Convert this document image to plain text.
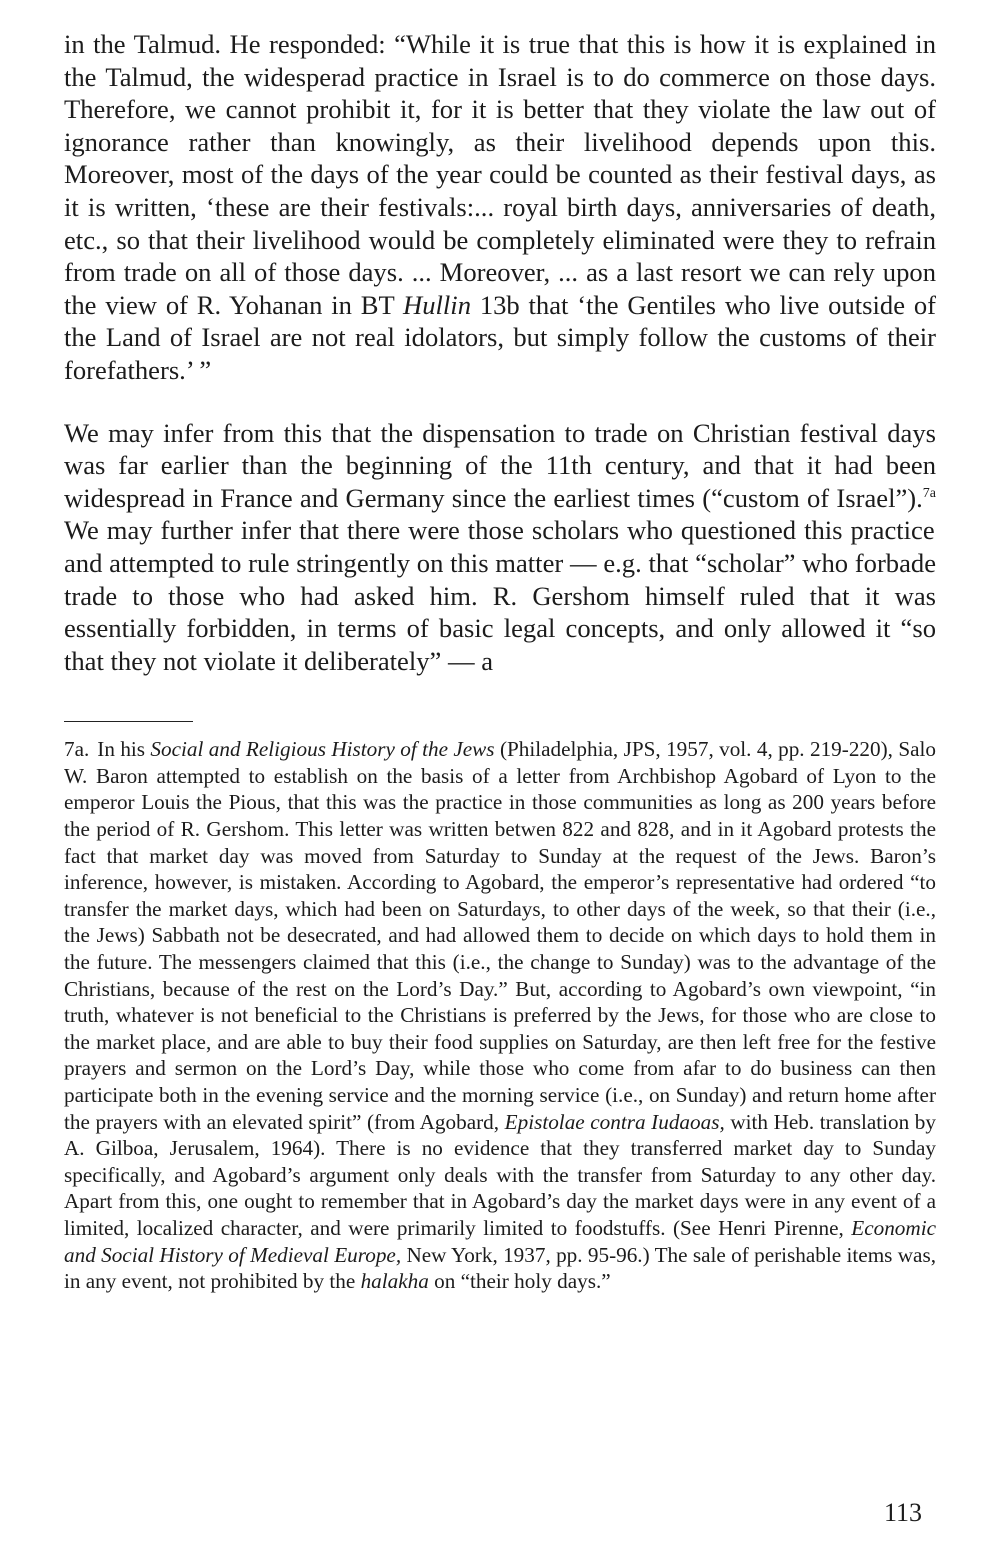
in the Talmud. He responded: “While it is true that this is how it is explained in the Talmud, the widesperad practice in Israel is to do commerce on those days. Therefore, we cannot prohibit it, for it is better that they violate the law out of ignorance rather than knowingly, as their livelihood depends upon this. Moreover, most of the days of the year could be counted as their festival days, as it is written, ‘these are their festivals:... royal birth days, anniversaries of death, etc., so that their livelihood would be completely eliminated were they to refrain from trade on all of those days. ... Moreover, ... as a last resort we can rely upon the view of R. Yohanan in BT Hullin 13b that ‘the Gentiles who live outside of the Land of Israel are not real idolators, but simply follow the customs of their forefathers.’ ”

We may infer from this that the dispensation to trade on Christian festival days was far earlier than the beginning of the 11th century, and that it had been widespread in France and Germany since the earliest times (“custom of Israel”).$^{7a}$ We may further infer that there were those scholars who questioned this practice and attempted to rule stringently on this matter — e.g. that “scholar” who forbade trade to those who had asked him. R. Gershom himself ruled that it was essentially forbidden, in terms of basic legal concepts, and only allowed it “so that they not violate it deliberately” — a

7a. In his Social and Religious History of the Jews (Philadelphia, JPS, 1957, vol. 4, pp. 219-220), Salo W. Baron attempted to establish on the basis of a letter from Archbishop Agobard of Lyon to the emperor Louis the Pious, that this was the practice in those communities as long as 200 years before the period of R. Gershom. This letter was written betwen 822 and 828, and in it Agobard protests the fact that market day was moved from Saturday to Sunday at the request of the Jews. Baron’s inference, however, is mistaken. According to Agobard, the emperor’s representative had ordered “to transfer the market days, which had been on Saturdays, to other days of the week, so that their (i.e., the Jews) Sabbath not be desecrated, and had allowed them to decide on which days to hold them in the future. The messengers claimed that this (i.e., the change to Sunday) was to the advantage of the Christians, because of the rest on the Lord’s Day.” But, according to Agobard’s own viewpoint, “in truth, whatever is not beneficial to the Christians is preferred by the Jews, for those who are close to the market place, and are able to buy their food supplies on Saturday, are then left free for the festive prayers and sermon on the Lord’s Day, while those who come from afar to do business can then participate both in the evening service and the morning service (i.e., on Sunday) and return home after the prayers with an elevated spirit” (from Agobard, Epistolae contra Iudaoas, with Heb. translation by A. Gilboa, Jerusalem, 1964). There is no evidence that they transferred market day to Sunday specifically, and Agobard’s argument only deals with the transfer from Saturday to any other day. Apart from this, one ought to remember that in Agobard’s day the market days were in any event of a limited, localized character, and were primarily limited to foodstuffs. (See Henri Pirenne, Economic and Social History of Medieval Europe, New York, 1937, pp. 95-96.) The sale of perishable items was, in any event, not prohibited by the halakha on “their holy days.”

113
